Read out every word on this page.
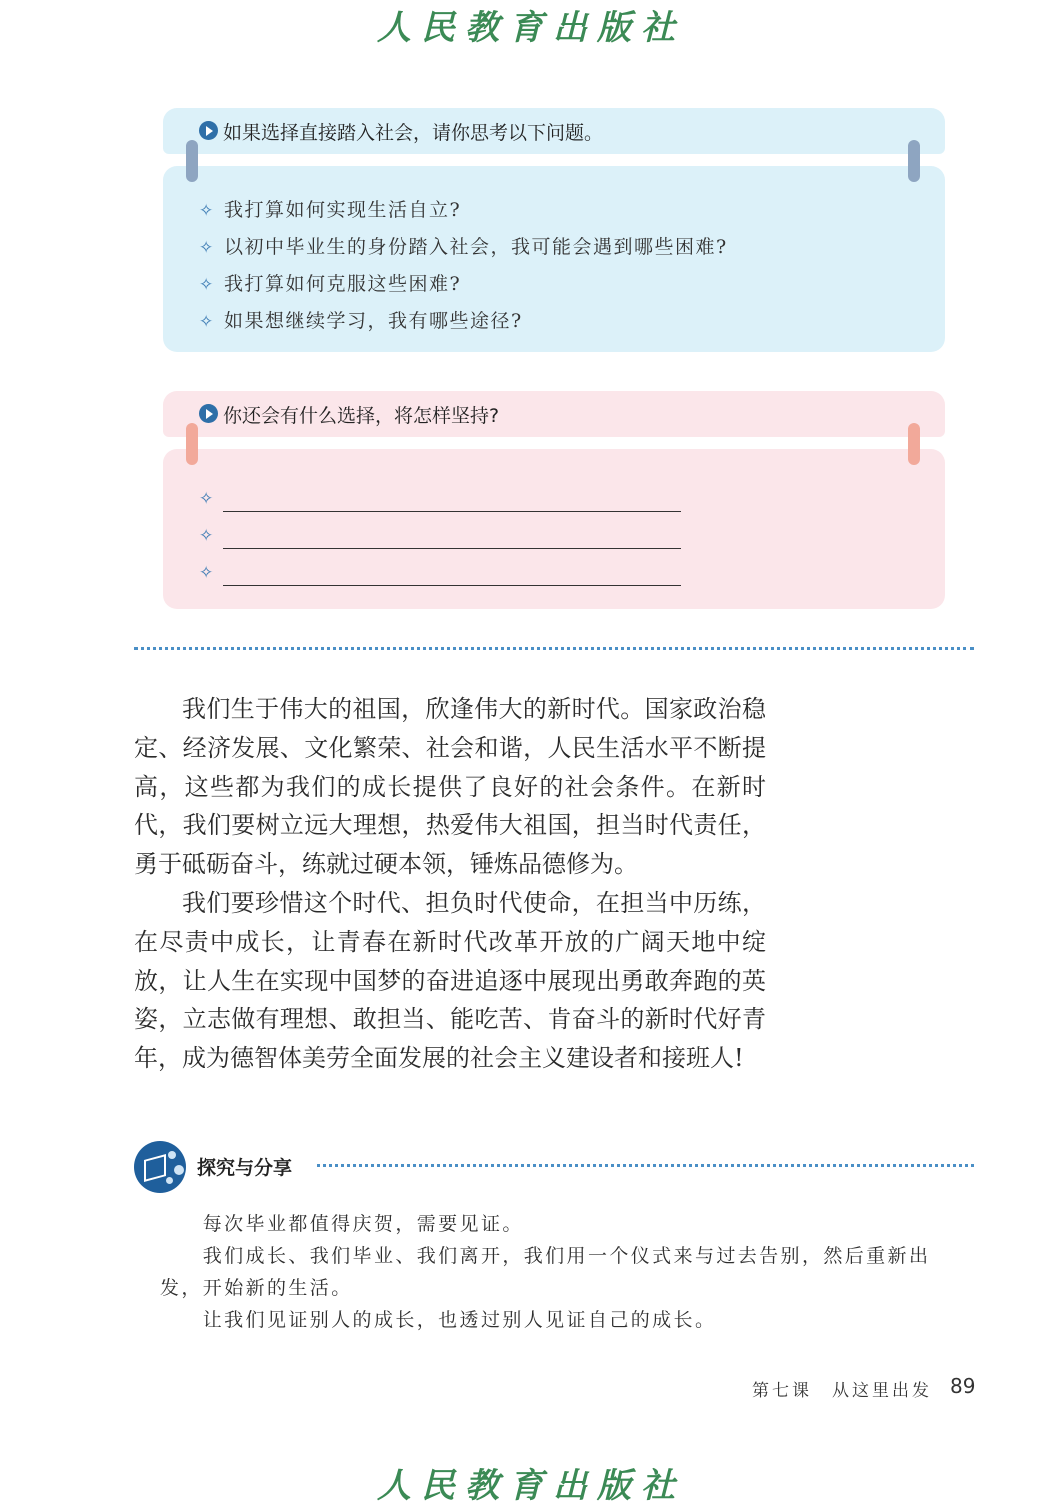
人民教育出版社
如果选择直接踏入社会，请你思考以下问题。
✧ 我打算如何实现生活自立?
✧ 以初中毕业生的身份踏入社会，我可能会遇到哪些困难?
✧ 我打算如何克服这些困难?
✧ 如果想继续学习，我有哪些途径?
你还会有什么选择，将怎样坚持?
✧
✧
✧

我们生于伟大的祖国，欣逢伟大的新时代。国家政治稳定、经济发展、文化繁荣、社会和谐，人民生活水平不断提高，这些都为我们的成长提供了良好的社会条件。在新时代，我们要树立远大理想，热爱伟大祖国，担当时代责任，勇于砥砺奋斗，练就过硬本领，锤炼品德修为。

我们要珍惜这个时代、担负时代使命，在担当中历练，在尽责中成长，让青春在新时代改革开放的广阔天地中绽放，让人生在实现中国梦的奋进追逐中展现出勇敢奔跑的英姿，立志做有理想、敢担当、能吃苦、肯奋斗的新时代好青年，成为德智体美劳全面发展的社会主义建设者和接班人!

探究与分享

每次毕业都值得庆贺，需要见证。

我们成长、我们毕业、我们离开，我们用一个仪式来与过去告别，然后重新出发，开始新的生活。

让我们见证别人的成长，也透过别人见证自己的成长。

第七课　从这里出发 89
人民教育出版社
